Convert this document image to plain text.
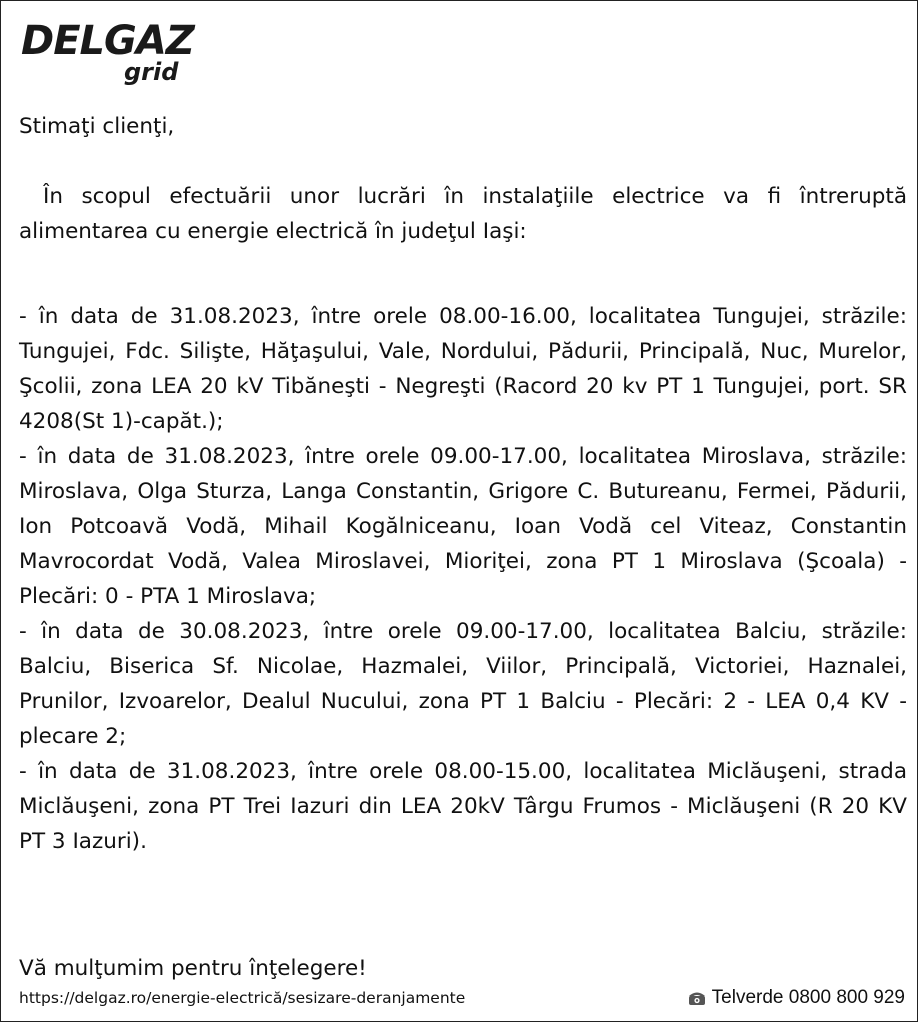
DELGAZ
grid

Stimaţi clienţi,

În scopul efectuării unor lucrări în instalaţiile electrice va fi întreruptă alimentarea cu energie electrică în judeţul Iaşi:

- în data de 31.08.2023, între orele 08.00-16.00, localitatea Tungujei, străzile: Tungujei, Fdc. Silişte, Hăţaşului, Vale, Nordului, Pădurii, Principală, Nuc, Murelor, Şcolii, zona LEA 20 kV Tibăneşti - Negreşti (Racord 20 kv PT 1 Tungujei, port. SR 4208(St 1)-capăt.);

- în data de 31.08.2023, între orele 09.00-17.00, localitatea Miroslava, străzile: Miroslava, Olga Sturza, Langa Constantin, Grigore C. Butureanu, Fermei, Pădurii, Ion Potcoavă Vodă, Mihail Kogălniceanu, Ioan Vodă cel Viteaz, Constantin Mavrocordat Vodă, Valea Miroslavei, Mioriţei, zona PT 1 Miroslava (Şcoala) - Plecări: 0 - PTA 1 Miroslava;

- în data de 30.08.2023, între orele 09.00-17.00, localitatea Balciu, străzile: Balciu, Biserica Sf. Nicolae, Hazmalei, Viilor, Principală, Victoriei, Haznalei, Prunilor, Izvoarelor, Dealul Nucului, zona PT 1 Balciu - Plecări: 2 - LEA 0,4 KV - plecare 2;

- în data de 31.08.2023, între orele 08.00-15.00, localitatea Miclăuşeni, strada Miclăuşeni, zona PT Trei Iazuri din LEA 20kV Târgu Frumos - Miclăuşeni (R 20 KV PT 3 Iazuri).

Vă mulţumim pentru înţelegere!

https://delgaz.ro/energie-electrică/sesizare-deranjamente	Telverde 0800 800 929
